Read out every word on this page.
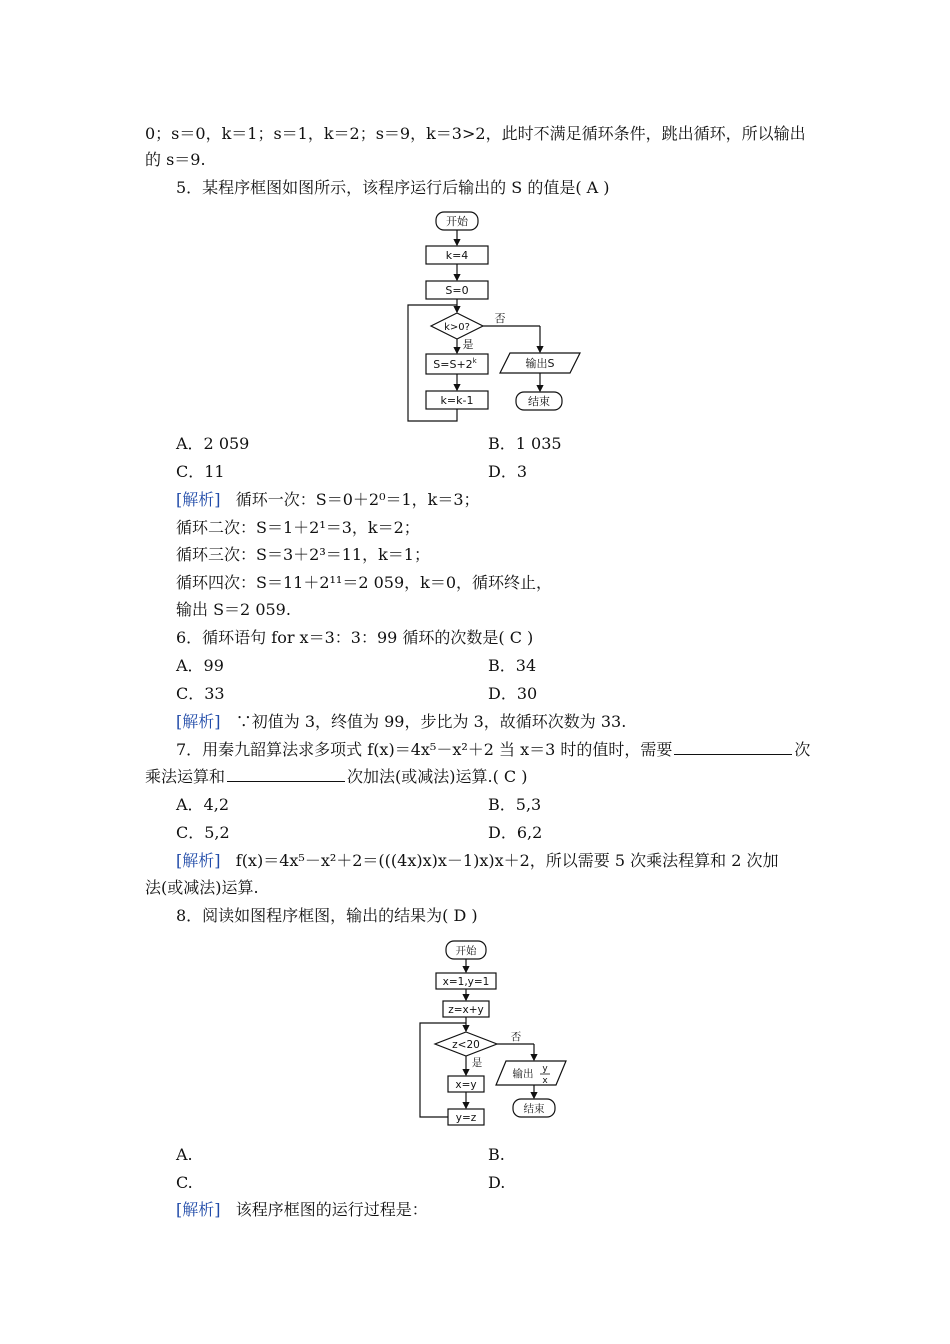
0；s＝0，k＝1；s＝1，k＝2；s＝9，k＝3>2，此时不满足循环条件，跳出循环，所以输出
的 s＝9.
5．某程序框图如图所示，该程序运行后输出的 S 的值是( A )
开始
k=4
S=0
k>0?
否
是
$S=S+2^k$
k=k-1
输出S
结束
A．2 059	B．1 035
C．11	D．3
[解析] 循环一次：S＝0＋2⁰＝1，k＝3；
循环二次：S＝1＋2¹＝3，k＝2；
循环三次：S＝3＋2³＝11，k＝1；
循环四次：S＝11＋2¹¹＝2 059，k＝0，循环终止，
输出 S＝2 059.
6．循环语句 for x＝3：3：99 循环的次数是( C )
A．99	B．34
C．33	D．30
[解析] ∵初值为 3，终值为 99，步比为 3，故循环次数为 33.
7．用秦九韶算法求多项式 f(x)＝4x⁵－x²＋2 当 x＝3 时的值时，需要	次
乘法运算和	次加法(或减法)运算.( C )
A．4,2	B．5,3
C．5,2	D．6,2
[解析] f(x)＝4x⁵－x²＋2＝(((4x)x)x－1)x)x＋2，所以需要 5 次乘法程算和 2 次加
法(或减法)运算.
8．阅读如图程序框图，输出的结果为( D )
开始
x=1,y=1
z=x+y
z<20
否
是
x=y
y=z
输出 y
x
结束
A.	B.
C.	D.
[解析] 该程序框图的运行过程是：
